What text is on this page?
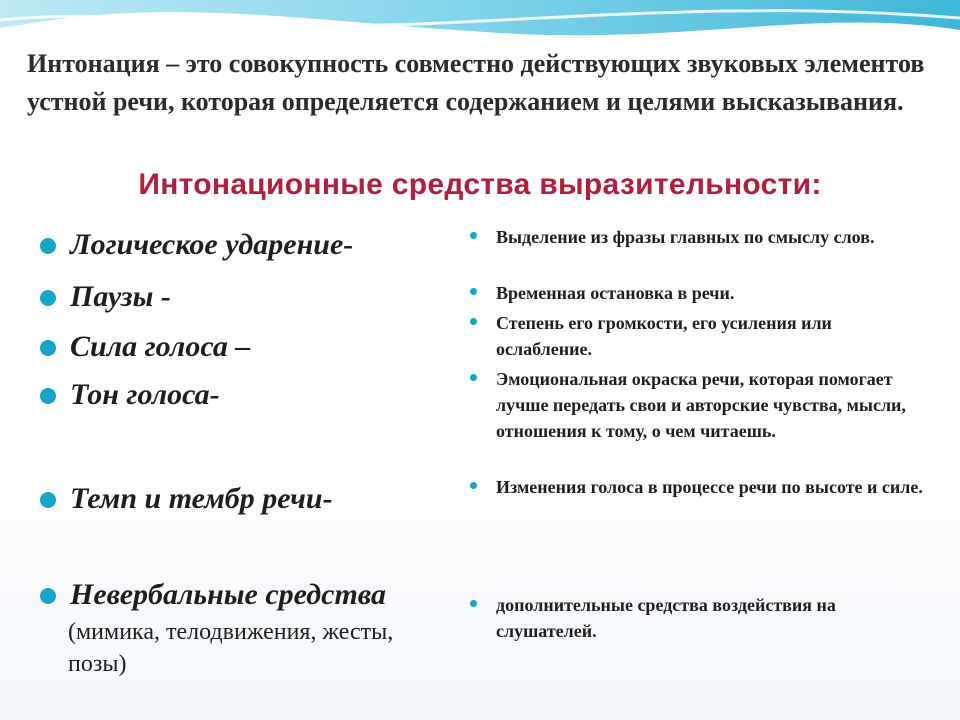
Интонация – это совокупность совместно действующих звуковых элементов устной речи, которая определяется содержанием и целями высказывания.
Интонационные средства выразительности:
Логическое ударение-
Паузы -
Сила голоса –
Тон голоса-
Темп и тембр речи-
Невербальные средства
(мимика, телодвижения, жесты, позы)
Выделение из фразы главных по смыслу слов.
Временная остановка в речи.
Степень его громкости, его усиления или ослабление.
Эмоциональная окраска речи, которая помогает лучше передать свои и авторские чувства, мысли, отношения к тому, о чем читаешь.
Изменения голоса в процессе речи по высоте и силе.
дополнительные средства воздействия на слушателей.
